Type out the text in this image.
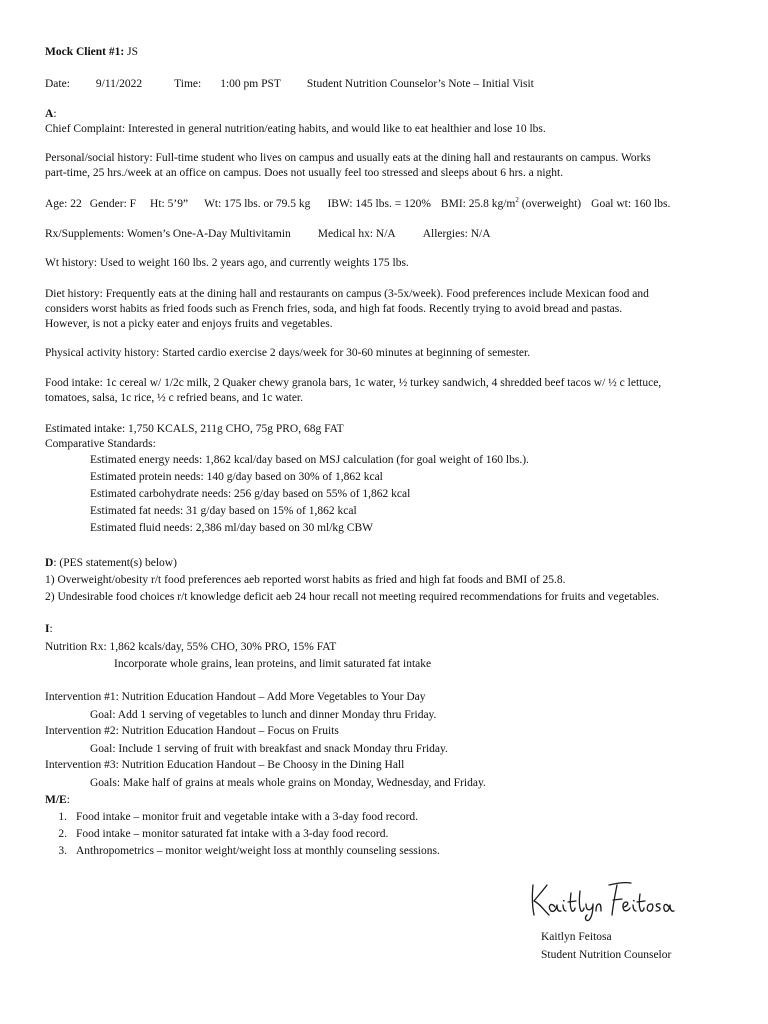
Mock Client #1: JS
Date: 9/11/2022	Time: 1:00 pm PST Student Nutrition Counselor’s Note – Initial Visit
A:
Chief Complaint: Interested in general nutrition/eating habits, and would like to eat healthier and lose 10 lbs.
Personal/social history: Full-time student who lives on campus and usually eats at the dining hall and restaurants on campus. Works
part-time, 25 hrs./week at an office on campus. Does not usually feel too stressed and sleeps about 6 hrs. a night.
Age: 22 Gender: F Ht: 5’9” Wt: 175 lbs. or 79.5 kg IBW: 145 lbs. = 120% BMI: 25.8 $kg/m^2$ (overweight) Goal wt: 160 lbs.
Rx/Supplements: Women’s One-A-Day Multivitamin Medical hx: N/A Allergies: N/A
Wt history: Used to weight 160 lbs. 2 years ago, and currently weights 175 lbs.
Diet history: Frequently eats at the dining hall and restaurants on campus (3-5x/week). Food preferences include Mexican food and
considers worst habits as fried foods such as French fries, soda, and high fat foods. Recently trying to avoid bread and pastas.
However, is not a picky eater and enjoys fruits and vegetables.
Physical activity history: Started cardio exercise 2 days/week for 30-60 minutes at beginning of semester.
Food intake: 1c cereal w/ 1/2c milk, 2 Quaker chewy granola bars, 1c water, ½ turkey sandwich, 4 shredded beef tacos w/ ½ c lettuce,
tomatoes, salsa, 1c rice, ½ c refried beans, and 1c water.
Estimated intake: 1,750 KCALS, 211g CHO, 75g PRO, 68g FAT
Comparative Standards:
Estimated energy needs: 1,862 kcal/day based on MSJ calculation (for goal weight of 160 lbs.).
Estimated protein needs: 140 g/day based on 30% of 1,862 kcal
Estimated carbohydrate needs: 256 g/day based on 55% of 1,862 kcal
Estimated fat needs: 31 g/day based on 15% of 1,862 kcal
Estimated fluid needs: 2,386 ml/day based on 30 ml/kg CBW
D: (PES statement(s) below)
1) Overweight/obesity r/t food preferences aeb reported worst habits as fried and high fat foods and BMI of 25.8.
2) Undesirable food choices r/t knowledge deficit aeb 24 hour recall not meeting required recommendations for fruits and vegetables.
I:
Nutrition Rx: 1,862 kcals/day, 55% CHO, 30% PRO, 15% FAT
Incorporate whole grains, lean proteins, and limit saturated fat intake
Intervention #1: Nutrition Education Handout – Add More Vegetables to Your Day
Goal: Add 1 serving of vegetables to lunch and dinner Monday thru Friday.
Intervention #2: Nutrition Education Handout – Focus on Fruits
Goal: Include 1 serving of fruit with breakfast and snack Monday thru Friday.
Intervention #3: Nutrition Education Handout – Be Choosy in the Dining Hall
Goals: Make half of grains at meals whole grains on Monday, Wednesday, and Friday.
M/E:
1. Food intake – monitor fruit and vegetable intake with a 3-day food record.
2. Food intake – monitor saturated fat intake with a 3-day food record.
3. Anthropometrics – monitor weight/weight loss at monthly counseling sessions.
Kaitlyn Feitosa
Student Nutrition Counselor
